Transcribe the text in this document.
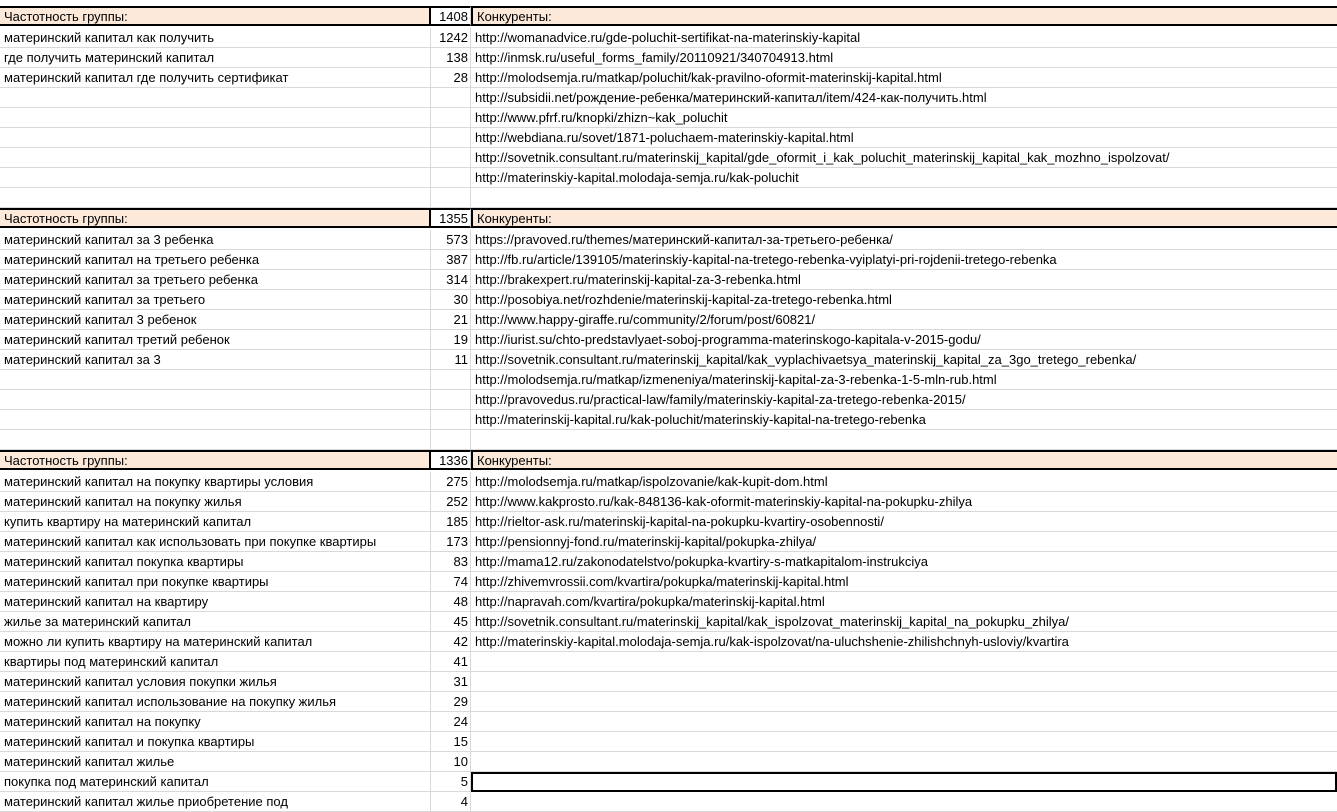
Частотность группы:	1408 Конкуренты:
материнский капитал как получить	1242 http://womanadvice.ru/gde-poluchit-sertifikat-na-materinskiy-kapital
где получить материнский капитал	138 http://inmsk.ru/useful_forms_family/20110921/340704913.html
материнский капитал где получить сертификат	28 http://molodsemja.ru/matkap/poluchit/kak-pravilno-oformit-materinskij-kapital.html
http://subsidii.net/рождение-ребенка/материнский-капитал/item/424-как-получить.html
http://www.pfrf.ru/knopki/zhizn~kak_poluchit
http://webdiana.ru/sovet/1871-poluchaem-materinskiy-kapital.html
http://sovetnik.consultant.ru/materinskij_kapital/gde_oformit_i_kak_poluchit_materinskij_kapital_kak_mozhno_ispolzovat/
http://materinskiy-kapital.molodaja-semja.ru/kak-poluchit
Частотность группы:	1355 Конкуренты:
материнский капитал за 3 ребенка	573 https://pravoved.ru/themes/материнский-капитал-за-третьего-ребенка/
материнский капитал на третьего ребенка	387 http://fb.ru/article/139105/materinskiy-kapital-na-tretego-rebenka-vyiplatyi-pri-rojdenii-tretego-rebenka
материнский капитал за третьего ребенка	314 http://brakexpert.ru/materinskij-kapital-za-3-rebenka.html
материнский капитал за третьего	30 http://posobiya.net/rozhdenie/materinskij-kapital-za-tretego-rebenka.html
материнский капитал 3 ребенок	21 http://www.happy-giraffe.ru/community/2/forum/post/60821/
материнский капитал третий ребенок	19 http://iurist.su/chto-predstavlyaet-soboj-programma-materinskogo-kapitala-v-2015-godu/
материнский капитал за 3	11 http://sovetnik.consultant.ru/materinskij_kapital/kak_vyplachivaetsya_materinskij_kapital_za_3go_tretego_rebenka/
http://molodsemja.ru/matkap/izmeneniya/materinskij-kapital-za-3-rebenka-1-5-mln-rub.html
http://pravovedus.ru/practical-law/family/materinskiy-kapital-za-tretego-rebenka-2015/
http://materinskij-kapital.ru/kak-poluchit/materinskiy-kapital-na-tretego-rebenka
Частотность группы:	1336 Конкуренты:
материнский капитал на покупку квартиры условия	275 http://molodsemja.ru/matkap/ispolzovanie/kak-kupit-dom.html
материнский капитал на покупку жилья	252 http://www.kakprosto.ru/kak-848136-kak-oformit-materinskiy-kapital-na-pokupku-zhilya
купить квартиру на материнский капитал	185 http://rieltor-ask.ru/materinskij-kapital-na-pokupku-kvartiry-osobennosti/
материнский капитал как использовать при покупке квартиры	173 http://pensionnyj-fond.ru/materinskij-kapital/pokupka-zhilya/
материнский капитал покупка квартиры	83 http://mama12.ru/zakonodatelstvo/pokupka-kvartiry-s-matkapitalom-instrukciya
материнский капитал при покупке квартиры	74 http://zhivemvrossii.com/kvartira/pokupka/materinskij-kapital.html
материнский капитал на квартиру	48 http://napravah.com/kvartira/pokupka/materinskij-kapital.html
жилье за материнский капитал	45 http://sovetnik.consultant.ru/materinskij_kapital/kak_ispolzovat_materinskij_kapital_na_pokupku_zhilya/
можно ли купить квартиру на материнский капитал	42 http://materinskiy-kapital.molodaja-semja.ru/kak-ispolzovat/na-uluchshenie-zhilishchnyh-usloviy/kvartira
квартиры под материнский капитал	41
материнский капитал условия покупки жилья	31
материнский капитал использование на покупку жилья	29
материнский капитал на покупку	24
материнский капитал и покупка квартиры	15
материнский капитал жилье	10
покупка под материнский капитал	5
материнский капитал жилье приобретение под	4
